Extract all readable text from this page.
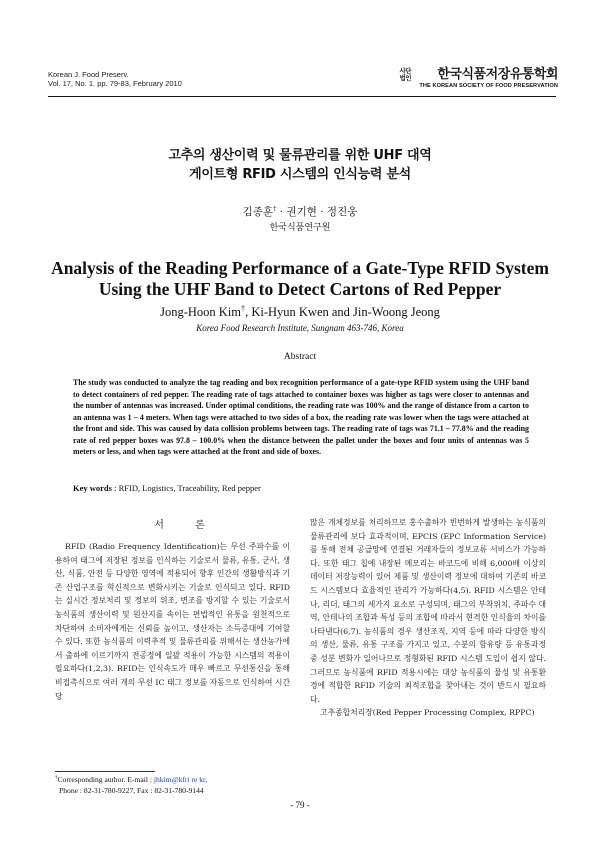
Korean J. Food Preserv.
Vol. 17, No. 1. pp. 79-83, February 2010
사단
법인	한국식품저장유통학회
THE KOREAN SOCIETY OF FOOD PRESERVATION
고추의 생산이력 및 물류관리를 위한 UHF 대역
게이트형 RFID 시스템의 인식능력 분석
김종훈† · 권기현 · 정진웅
한국식품연구원
Analysis of the Reading Performance of a Gate-Type RFID System
Using the UHF Band to Detect Cartons of Red Pepper
Jong-Hoon Kim†, Ki-Hyun Kwen and Jin-Woong Jeong
Korea Food Research Institute, Sungnam 463-746, Korea
Abstract
The study was conducted to analyze the tag reading and box recognition performance of a gate-type RFID system using the UHF band to detect containers of red pepper. The reading rate of tags attached to container boxes was higher as tags were closer to antennas and the number of antennas was increased. Under optimal conditions, the reading rate was 100% and the range of distance from a carton to an antenna was 1 – 4 meters. When tags were attached to two sides of a box, the reading rate was lower when the tags were attached at the front and side. This was caused by data collision problems between tags. The reading rate of tags was 71.1 – 77.8% and the reading rate of red pepper boxes was 97.8 – 100.0% when the distance between the pallet under the boxes and four units of antennas was 5 meters or less, and when tags were attached at the front and side of boxes.
Key words : RFID, Logistics, Traceability, Red pepper
서 론

RFID (Radio Frequency Identification)는 무선 주파수를 이용하여 태그에 저장된 정보를 인식하는 기술로서 물류, 유통, 군사, 생산, 식품, 안전 등 다양한 영역에 적용되어 향후 인간의 생활방식과 기존 산업구조를 혁신적으로 변화시키는 기술로 인식되고 있다. RFID는 실시간 정보처리 및 정보의 위조, 변조를 방지할 수 있는 기술로서 농식품의 생산이력 및 원산지를 속이는 편법적인 유통을 원천적으로 차단하여 소비자에게는 신뢰를 높이고, 생산자는 소득증대에 기여할 수 있다. 또한 농식품의 이력추적 및 물류관리를 위해서는 생산농가에서 출하에 이르기까지 전공정에 일괄 적용이 가능한 시스템의 적용이 필요하다(1,2,3). RFID는 인식속도가 매우 빠르고 무선통신을 통해 비접촉식으로 여러 개의 무선 IC 태그 정보를 자동으로 인식하여 시간당

많은 개체정보를 처리하므로 홍수출하가 빈번하게 발생하는 농식품의 물류관리에 보다 효과적이며, EPCIS (EPC Information Service)를 통해 전체 공급망에 연결된 거래자들의 정보교류 서비스가 가능하다. 또한 태그 칩에 내장된 메모리는 바코드에 비해 6,000배 이상의 데이터 저장능력이 있어 제품 및 생산이력 정보에 대하여 기존의 바코드 시스템보다 효율적인 관리가 가능하다(4,5). RFID 시스템은 안테나, 리더, 태그의 세가지 요소로 구성되며, 태그의 부착위치, 주파수 대역, 안테나의 조합과 특성 등의 조합에 따라서 현격한 인식율의 차이를 나타낸다(6,7). 농식품의 경우 생산조직, 지역 등에 따라 다양한 방식의 생산, 물류, 유통 구조를 가지고 있고, 수분의 함유량 등 유통과정 중 성분 변화가 일어나므로 정형화된 RFID 시스템 도입이 쉽지 않다. 그러므로 농식품에 RFID 적용시에는 대상 농식품의 물성 및 유통환경에 적합한 RFID 기술의 최적조합을 찾아내는 것이 반드시 필요하다.

고추종합처리장(Red Pepper Processing Complex, RPPC)

†Corresponding author. E-mail : jhkim@kfri re kr,
Phone : 82-31-780-9227, Fax : 82-31-780-9144
- 79 -
